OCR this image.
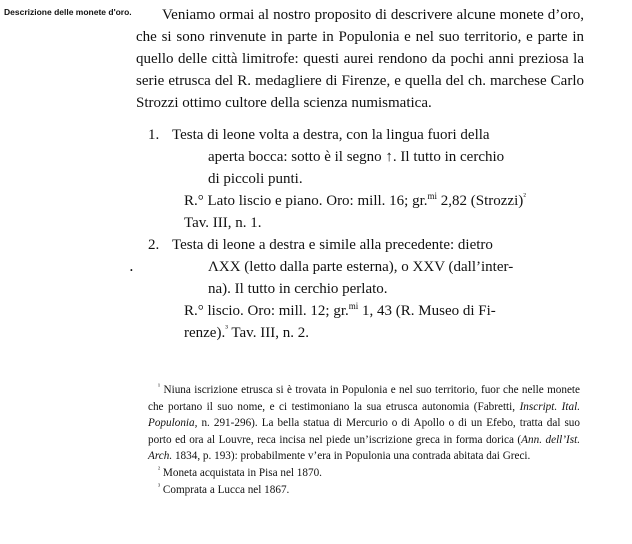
Descrizione delle monete d'oro.	Veniamo ormai al nostro proposito di descrivere alcune monete d’oro, che si sono rinvenute in parte in Populonia e nel suo territorio, e parte in quello delle città limitrofe: questi aurei rendono da pochi anni preziosa la serie etrusca del R. medagliere di Firenze, e quella del ch. marchese Carlo Strozzi ottimo cultore della scienza numismatica.

1. Testa di leone volta a destra, con la lingua fuori della

aperta bocca: sotto è il segno ↑. Il tutto in cerchio

di piccoli punti.

R.° Lato liscio e piano. Oro: mill. 16; gr.$^{mi}$ 2,82 (Strozzi)$^{^2}$

Tav. III, n. 1.

2. Testa di leone a destra e simile alla precedente: dietro

ΛXX (letto dalla parte esterna), o XXV (dall’inter-

na). Il tutto in cerchio perlato.

R.° liscio. Oro: mill. 12; gr.$^{mi}$ 1, 43 (R. Museo di Fi-

renze).$^{^3}$ Tav. III, n. 2.

.

$^{^1}$ Niuna iscrizione etrusca si è trovata in Populonia e nel suo territorio, fuor che nelle monete che portano il suo nome, e ci testimoniano la sua etrusca autonomia (Fabretti, Inscript. Ital. Populonia, n. 291-296). La bella statua di Mercurio o di Apollo o di un Efebo, tratta dal suo porto ed ora al Louvre, reca incisa nel piede un’iscrizione greca in forma dorica (Ann. dell’Ist. Arch. 1834, p. 193): probabilmente v’era in Populonia una contrada abitata dai Greci.

$^{^2}$ Moneta acquistata in Pisa nel 1870.

$^{^3}$ Comprata a Lucca nel 1867.
